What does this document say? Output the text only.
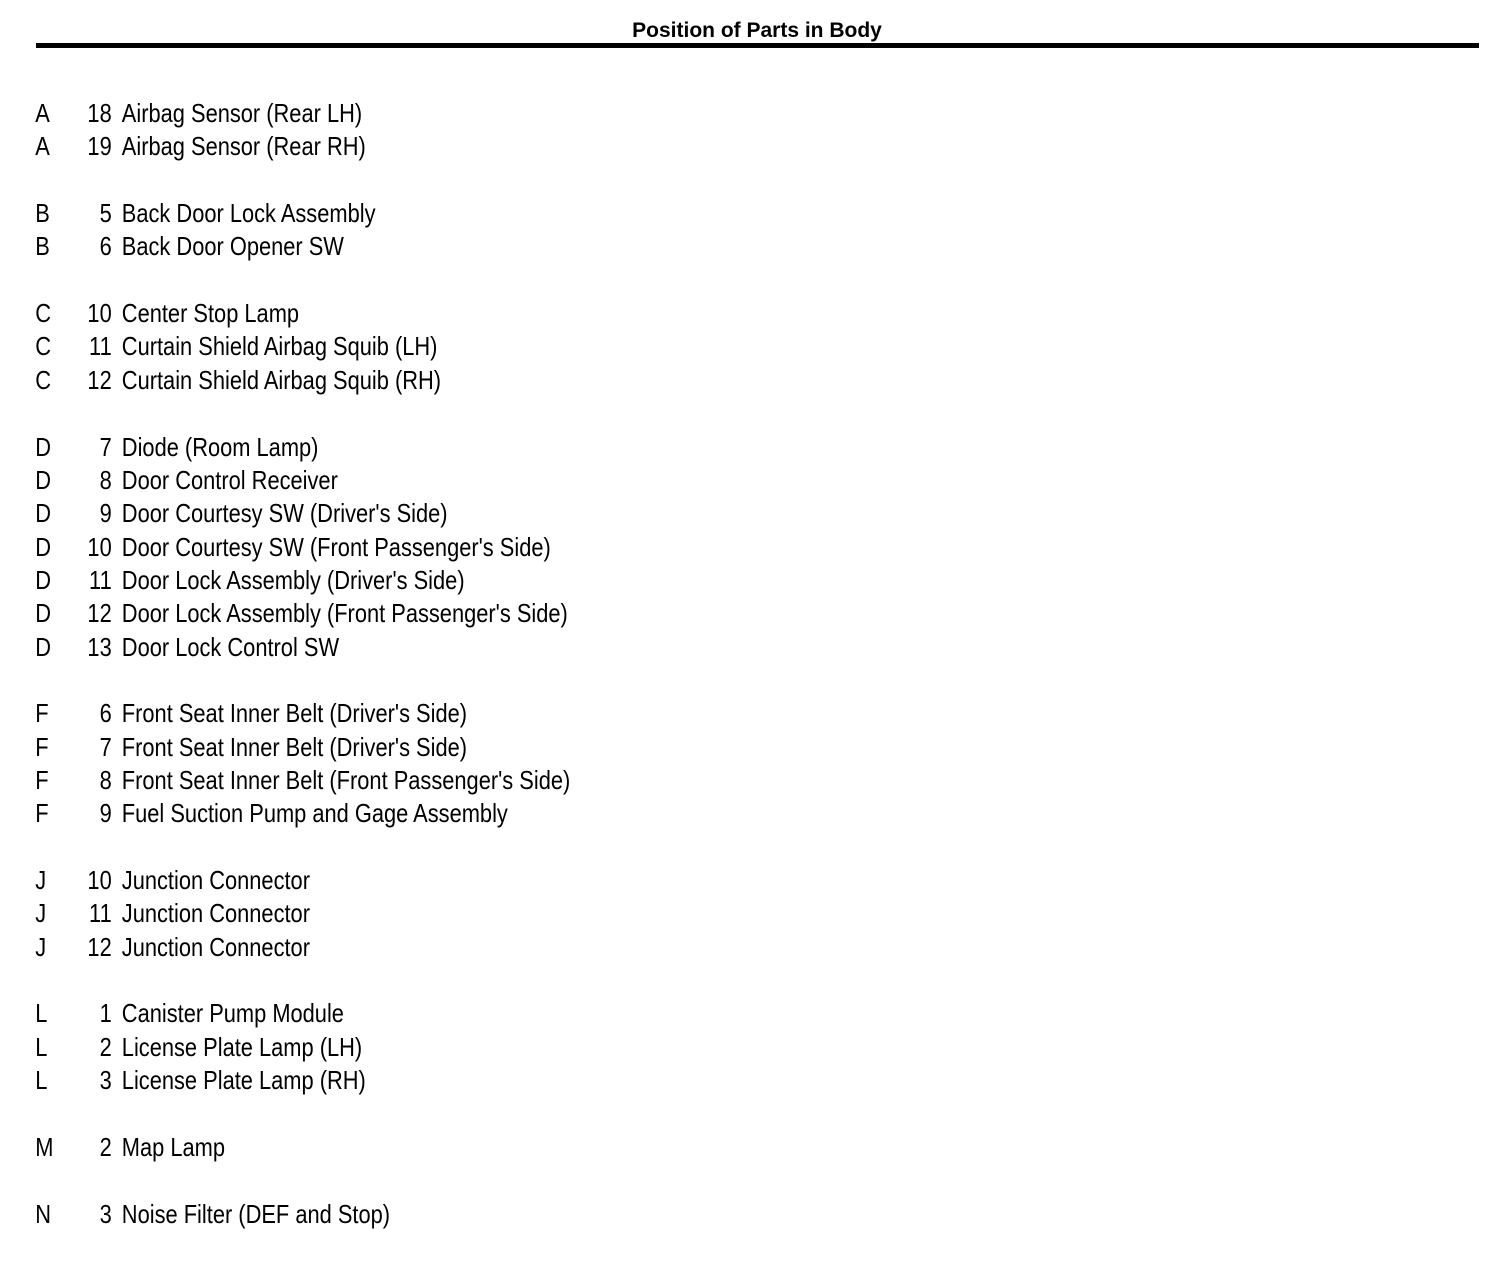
Position of Parts in Body
A	18 Airbag Sensor (Rear LH)
A	19 Airbag Sensor (Rear RH)
B	5 Back Door Lock Assembly
B	6 Back Door Opener SW
C	10 Center Stop Lamp
C	11 Curtain Shield Airbag Squib (LH)
C	12 Curtain Shield Airbag Squib (RH)
D	7 Diode (Room Lamp)
D	8 Door Control Receiver
D	9 Door Courtesy SW (Driver's Side)
D	10 Door Courtesy SW (Front Passenger's Side)
D	11 Door Lock Assembly (Driver's Side)
D	12 Door Lock Assembly (Front Passenger's Side)
D	13 Door Lock Control SW
F	6 Front Seat Inner Belt (Driver's Side)
F	7 Front Seat Inner Belt (Driver's Side)
F	8 Front Seat Inner Belt (Front Passenger's Side)
F	9 Fuel Suction Pump and Gage Assembly
J	10 Junction Connector
J	11 Junction Connector
J	12 Junction Connector
L	1 Canister Pump Module
L	2 License Plate Lamp (LH)
L	3 License Plate Lamp (RH)
M	2 Map Lamp
N	3 Noise Filter (DEF and Stop)
